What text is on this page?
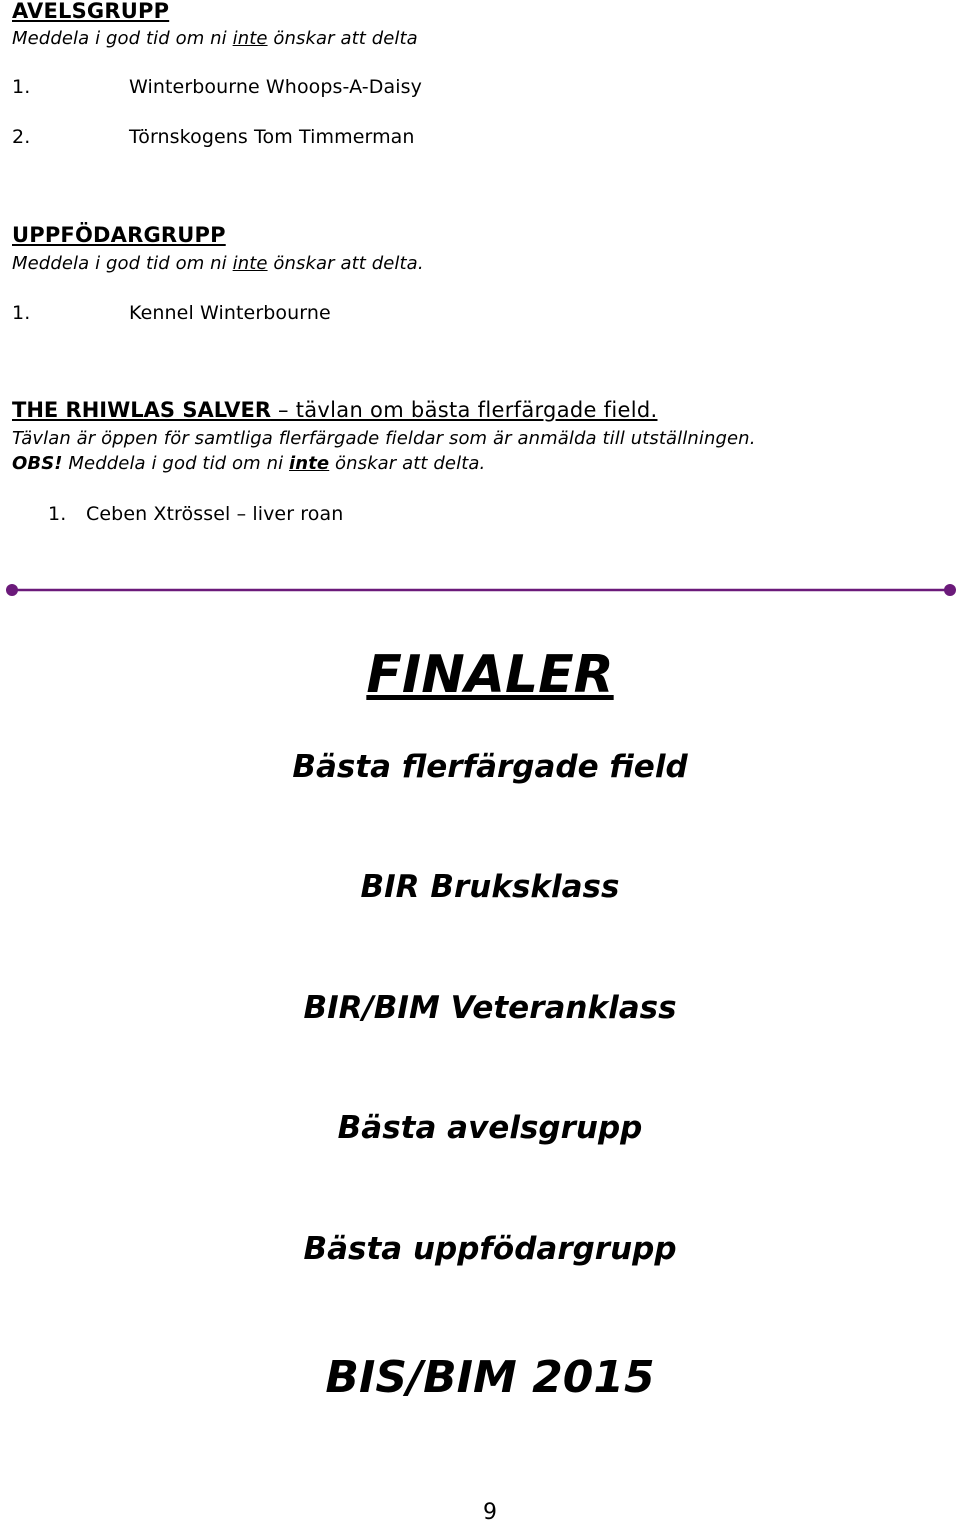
AVELSGRUPP
Meddela i god tid om ni inte önskar att delta
1.	Winterbourne Whoops-A-Daisy
2.	Törnskogens Tom Timmerman
UPPFÖDARGRUPP
Meddela i god tid om ni inte önskar att delta.
1.	Kennel Winterbourne
THE RHIWLAS SALVER – tävlan om bästa flerfärgade field.
Tävlan är öppen för samtliga flerfärgade fieldar som är anmälda till utställningen.
OBS! Meddela i god tid om ni inte önskar att delta.
1. Ceben Xtrössel – liver roan
FINALER
Bästa flerfärgade field
BIR Bruksklass
BIR/BIM Veteranklass
Bästa avelsgrupp
Bästa uppfödargrupp
BIS/BIM 2015
9
